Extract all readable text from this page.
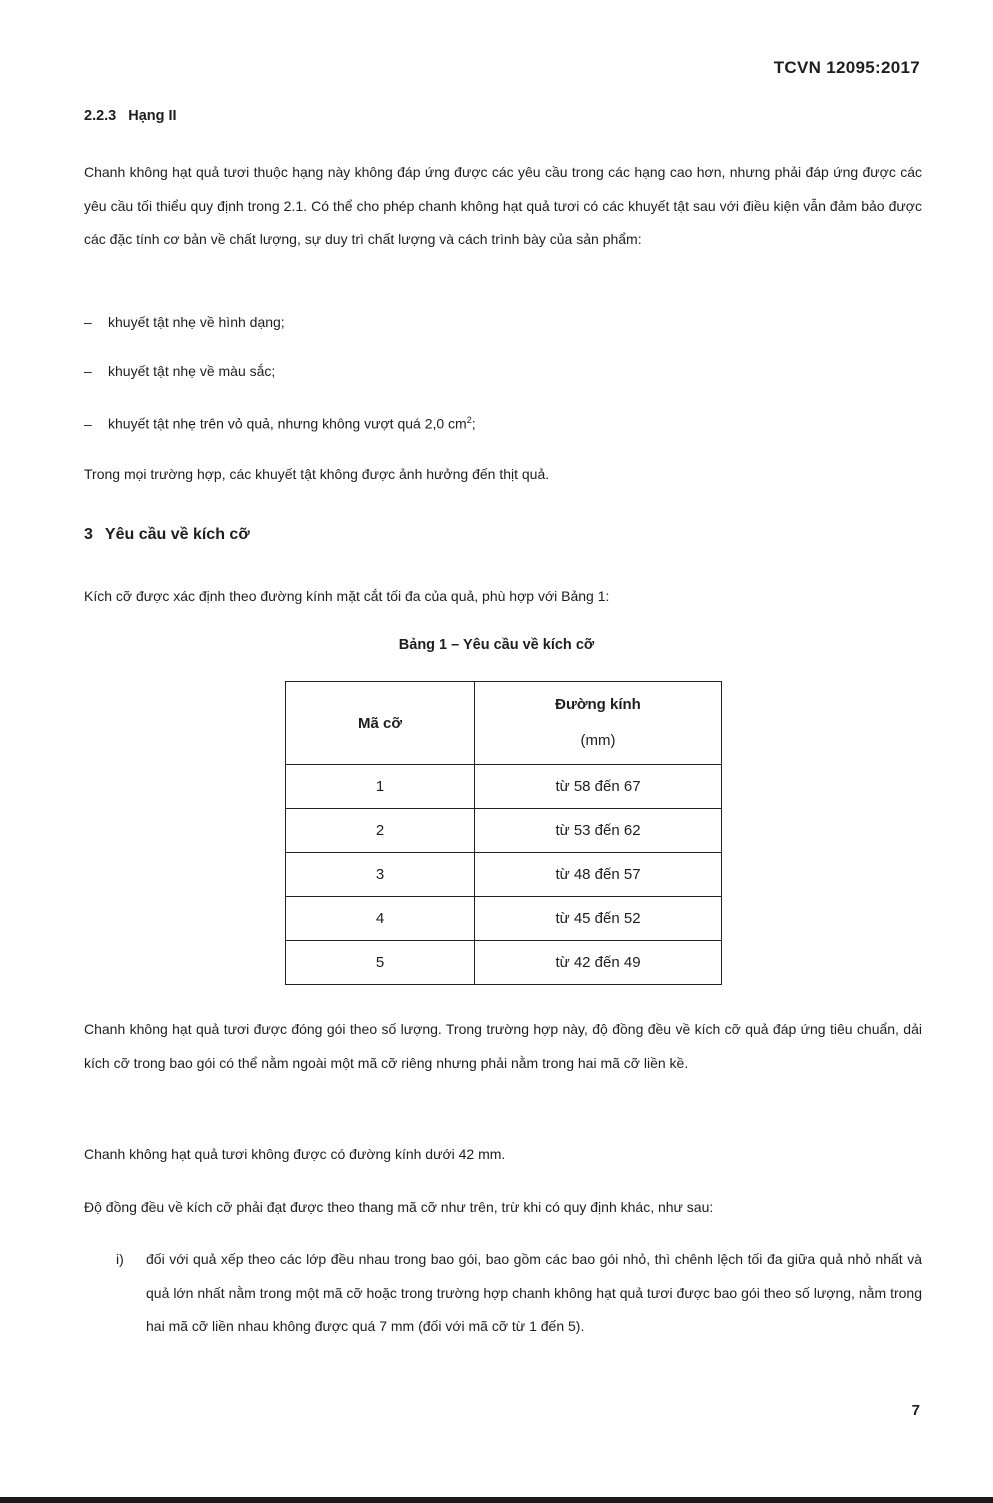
TCVN 12095:2017
2.2.3 Hạng II

Chanh không hạt quả tươi thuộc hạng này không đáp ứng được các yêu cầu trong các hạng cao hơn, nhưng phải đáp ứng được các yêu cầu tối thiểu quy định trong 2.1. Có thể cho phép chanh không hạt quả tươi có các khuyết tật sau với điều kiện vẫn đảm bảo được các đặc tính cơ bản về chất lượng, sự duy trì chất lượng và cách trình bày của sản phẩm:

– khuyết tật nhẹ về hình dạng;
– khuyết tật nhẹ về màu sắc;
– khuyết tật nhẹ trên vỏ quả, nhưng không vượt quá 2,0 $cm^2$;

Trong mọi trường hợp, các khuyết tật không được ảnh hưởng đến thịt quả.

3 Yêu cầu về kích cỡ

Kích cỡ được xác định theo đường kính mặt cắt tối đa của quả, phù hợp với Bảng 1:

Bảng 1 – Yêu cầu về kích cỡ
Mã cỡ	Đường kính
(mm)

1	từ 58 đến 67
2	từ 53 đến 62
3	từ 48 đến 57
4	từ 45 đến 52
5	từ 42 đến 49

Chanh không hạt quả tươi được đóng gói theo số lượng. Trong trường hợp này, độ đồng đều về kích cỡ quả đáp ứng tiêu chuẩn, dải kích cỡ trong bao gói có thể nằm ngoài một mã cỡ riêng nhưng phải nằm trong hai mã cỡ liền kề.

Chanh không hạt quả tươi không được có đường kính dưới 42 mm.

Độ đồng đều về kích cỡ phải đạt được theo thang mã cỡ như trên, trừ khi có quy định khác, như sau:

i) đối với quả xếp theo các lớp đều nhau trong bao gói, bao gồm các bao gói nhỏ, thì chênh lệch tối đa giữa quả nhỏ nhất và quả lớn nhất nằm trong một mã cỡ hoặc trong trường hợp chanh không hạt quả tươi được bao gói theo số lượng, nằm trong hai mã cỡ liền nhau không được quá 7 mm (đối với mã cỡ từ 1 đến 5).
7
